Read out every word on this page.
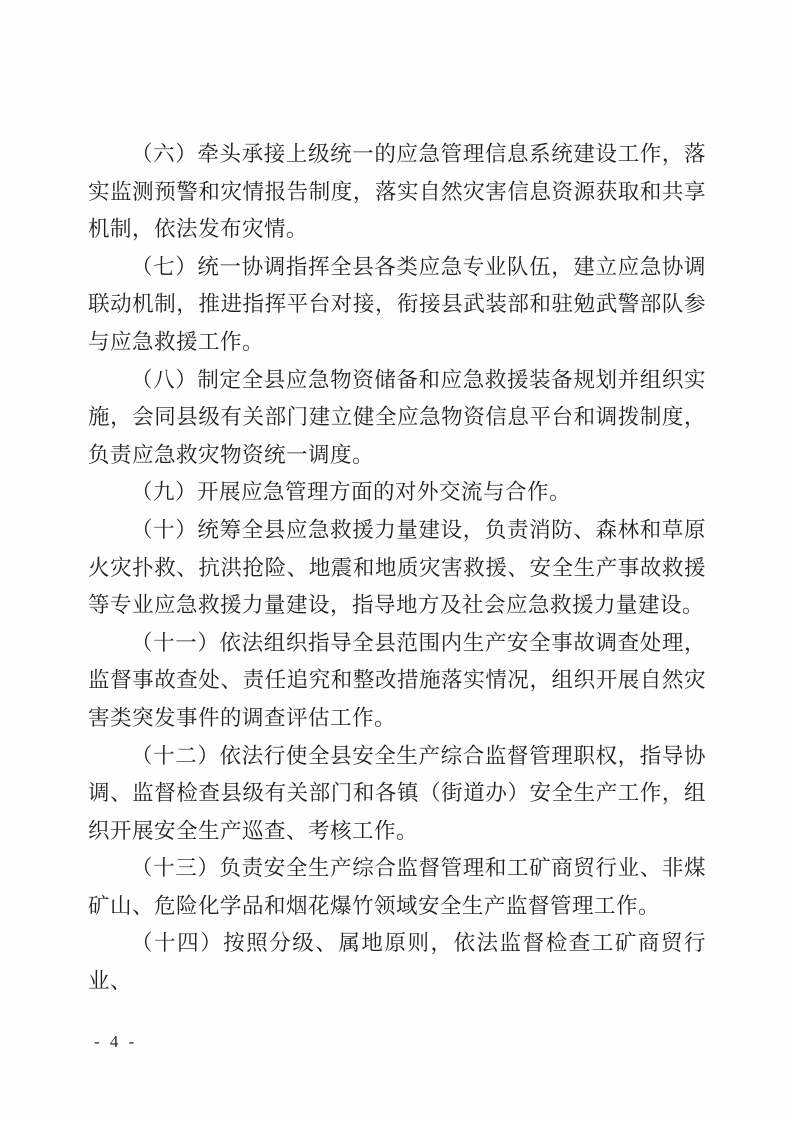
（六）牵头承接上级统一的应急管理信息系统建设工作，落实监测预警和灾情报告制度，落实自然灾害信息资源获取和共享机制，依法发布灾情。

（七）统一协调指挥全县各类应急专业队伍，建立应急协调联动机制，推进指挥平台对接，衔接县武装部和驻勉武警部队参与应急救援工作。

（八）制定全县应急物资储备和应急救援装备规划并组织实施，会同县级有关部门建立健全应急物资信息平台和调拨制度，负责应急救灾物资统一调度。

（九）开展应急管理方面的对外交流与合作。

（十）统筹全县应急救援力量建设，负责消防、森林和草原火灾扑救、抗洪抢险、地震和地质灾害救援、安全生产事故救援等专业应急救援力量建设，指导地方及社会应急救援力量建设。

（十一）依法组织指导全县范围内生产安全事故调查处理，监督事故查处、责任追究和整改措施落实情况，组织开展自然灾害类突发事件的调查评估工作。

（十二）依法行使全县安全生产综合监督管理职权，指导协调、监督检查县级有关部门和各镇（街道办）安全生产工作，组织开展安全生产巡查、考核工作。

（十三）负责安全生产综合监督管理和工矿商贸行业、非煤矿山、危险化学品和烟花爆竹领域安全生产监督管理工作。

（十四）按照分级、属地原则，依法监督检查工矿商贸行业、

- 4 -
